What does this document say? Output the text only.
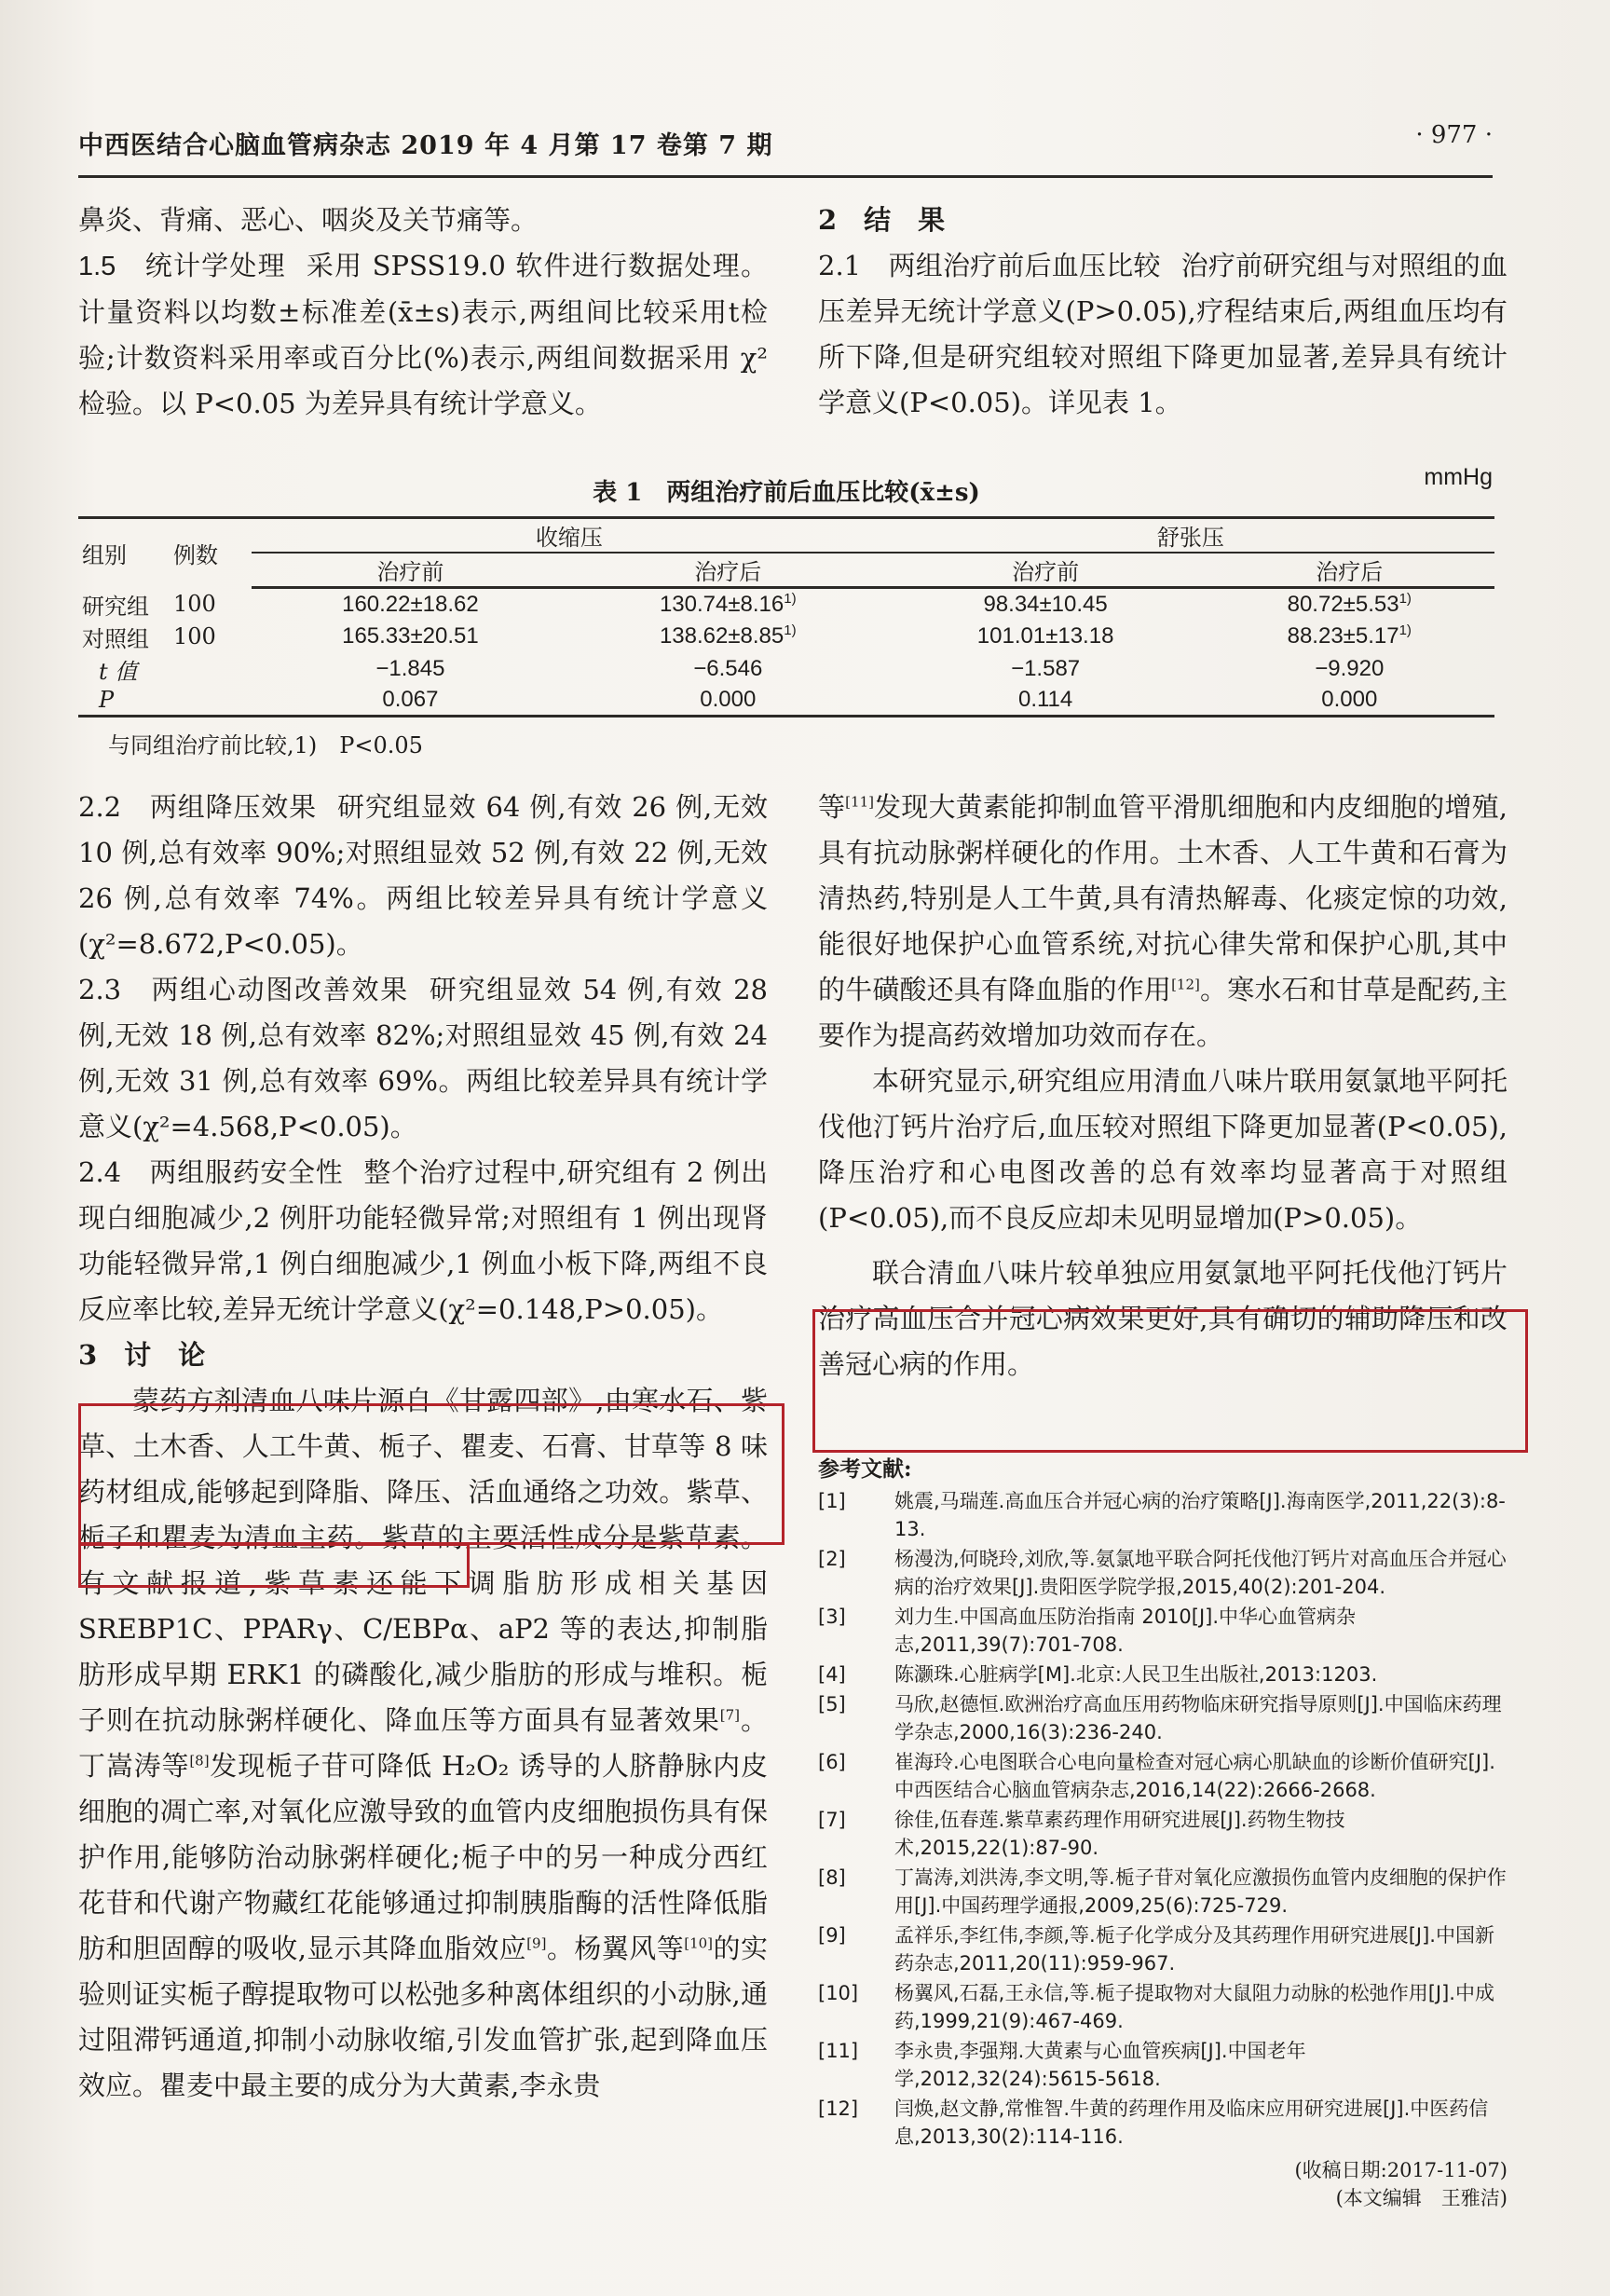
中西医结合心脑血管病杂志 2019 年 4 月第 17 卷第 7 期	· 977 ·

鼻炎、背痛、恶心、咽炎及关节痛等。

1.5　统计学处理 采用 SPSS19.0 软件进行数据处理。计量资料以均数±标准差(x̄±s)表示,两组间比较采用t检验;计数资料采用率或百分比(%)表示,两组间数据采用 χ² 检验。以 P<0.05 为差异具有统计学意义。

2　结　果

2.1　两组治疗前后血压比较 治疗前研究组与对照组的血压差异无统计学意义(P>0.05),疗程结束后,两组血压均有所下降,但是研究组较对照组下降更加显著,差异具有统计学意义(P<0.05)。详见表 1。

表 1　两组治疗前后血压比较(x̄±s)
mmHg
组别	例数	收缩压		舒张压	
		治疗前	治疗后	治疗前	治疗后
研究组	100	160.22±18.62	$130.74\pm 8.16^{1)}$	98.34±10.45	$80.72\pm 5.53^{1)}$
对照组	100	165.33±20.51	$138.62\pm 8.85^{1)}$	101.01±13.18	$88.23\pm 5.17^{1)}$
t 值		−1.845	−6.546	−1.587	−9.920
P		0.067	0.000	0.114	0.000
与同组治疗前比较,1)　P<0.05

2.2　两组降压效果 研究组显效 64 例,有效 26 例,无效 10 例,总有效率 90%;对照组显效 52 例,有效 22 例,无效 26 例,总有效率 74%。两组比较差异具有统计学意义(χ²=8.672,P<0.05)。

2.3　两组心动图改善效果 研究组显效 54 例,有效 28 例,无效 18 例,总有效率 82%;对照组显效 45 例,有效 24 例,无效 31 例,总有效率 69%。两组比较差异具有统计学意义(χ²=4.568,P<0.05)。

2.4　两组服药安全性 整个治疗过程中,研究组有 2 例出现白细胞减少,2 例肝功能轻微异常;对照组有 1 例出现肾功能轻微异常,1 例白细胞减少,1 例血小板下降,两组不良反应率比较,差异无统计学意义(χ²=0.148,P>0.05)。

3　讨　论

蒙药方剂清血八味片源自《甘露四部》,由寒水石、紫草、土木香、人工牛黄、栀子、瞿麦、石膏、甘草等 8 味药材组成,能够起到降脂、降压、活血通络之功效。紫草、栀子和瞿麦为清血主药。紫草的主要活性成分是紫草素。有文献报道,紫草素还能下调脂肪形成相关基因 SREBP1C、PPARγ、C/EBPα、aP2 等的表达,抑制脂肪形成早期 ERK1 的磷酸化,减少脂肪的形成与堆积。栀子则在抗动脉粥样硬化、降血压等方面具有显著效果[7]。丁嵩涛等[8]发现栀子苷可降低 H₂O₂ 诱导的人脐静脉内皮细胞的凋亡率,对氧化应激导致的血管内皮细胞损伤具有保护作用,能够防治动脉粥样硬化;栀子中的另一种成分西红花苷和代谢产物藏红花能够通过抑制胰脂酶的活性降低脂肪和胆固醇的吸收,显示其降血脂效应[9]。杨翼风等[10]的实验则证实栀子醇提取物可以松弛多种离体组织的小动脉,通过阻滞钙通道,抑制小动脉收缩,引发血管扩张,起到降血压效应。瞿麦中最主要的成分为大黄素,李永贵

等[11]发现大黄素能抑制血管平滑肌细胞和内皮细胞的增殖,具有抗动脉粥样硬化的作用。土木香、人工牛黄和石膏为清热药,特别是人工牛黄,具有清热解毒、化痰定惊的功效,能很好地保护心血管系统,对抗心律失常和保护心肌,其中的牛磺酸还具有降血脂的作用[12]。寒水石和甘草是配药,主要作为提高药效增加功效而存在。

本研究显示,研究组应用清血八味片联用氨氯地平阿托伐他汀钙片治疗后,血压较对照组下降更加显著(P<0.05),降压治疗和心电图改善的总有效率均显著高于对照组(P<0.05),而不良反应却未见明显增加(P>0.05)。

联合清血八味片较单独应用氨氯地平阿托伐他汀钙片治疗高血压合并冠心病效果更好,具有确切的辅助降压和改善冠心病的作用。

参考文献:
[1]	姚震,马瑞莲.高血压合并冠心病的治疗策略[J].海南医学,2011,22(3):8-13.
[2]	杨漫沩,何晓玲,刘欣,等.氨氯地平联合阿托伐他汀钙片对高血压合并冠心病的治疗效果[J].贵阳医学院学报,2015,40(2):201-204.
[3]	刘力生.中国高血压防治指南 2010[J].中华心血管病杂志,2011,39(7):701-708.
[4]	陈灏珠.心脏病学[M].北京:人民卫生出版社,2013:1203.
[5]	马欣,赵德恒.欧洲治疗高血压用药物临床研究指导原则[J].中国临床药理学杂志,2000,16(3):236-240.
[6]	崔海玲.心电图联合心电向量检查对冠心病心肌缺血的诊断价值研究[J].中西医结合心脑血管病杂志,2016,14(22):2666-2668.
[7]	徐佳,伍春莲.紫草素药理作用研究进展[J].药物生物技术,2015,22(1):87-90.
[8]	丁嵩涛,刘洪涛,李文明,等.栀子苷对氧化应激损伤血管内皮细胞的保护作用[J].中国药理学通报,2009,25(6):725-729.
[9]	孟祥乐,李红伟,李颜,等.栀子化学成分及其药理作用研究进展[J].中国新药杂志,2011,20(11):959-967.
[10]	杨翼风,石磊,王永信,等.栀子提取物对大鼠阻力动脉的松弛作用[J].中成药,1999,21(9):467-469.
[11]	李永贵,李强翔.大黄素与心血管疾病[J].中国老年学,2012,32(24):5615-5618.
[12]	闫焕,赵文静,常惟智.牛黄的药理作用及临床应用研究进展[J].中医药信息,2013,30(2):114-116.
(收稿日期:2017-11-07)
(本文编辑　王雅洁)
